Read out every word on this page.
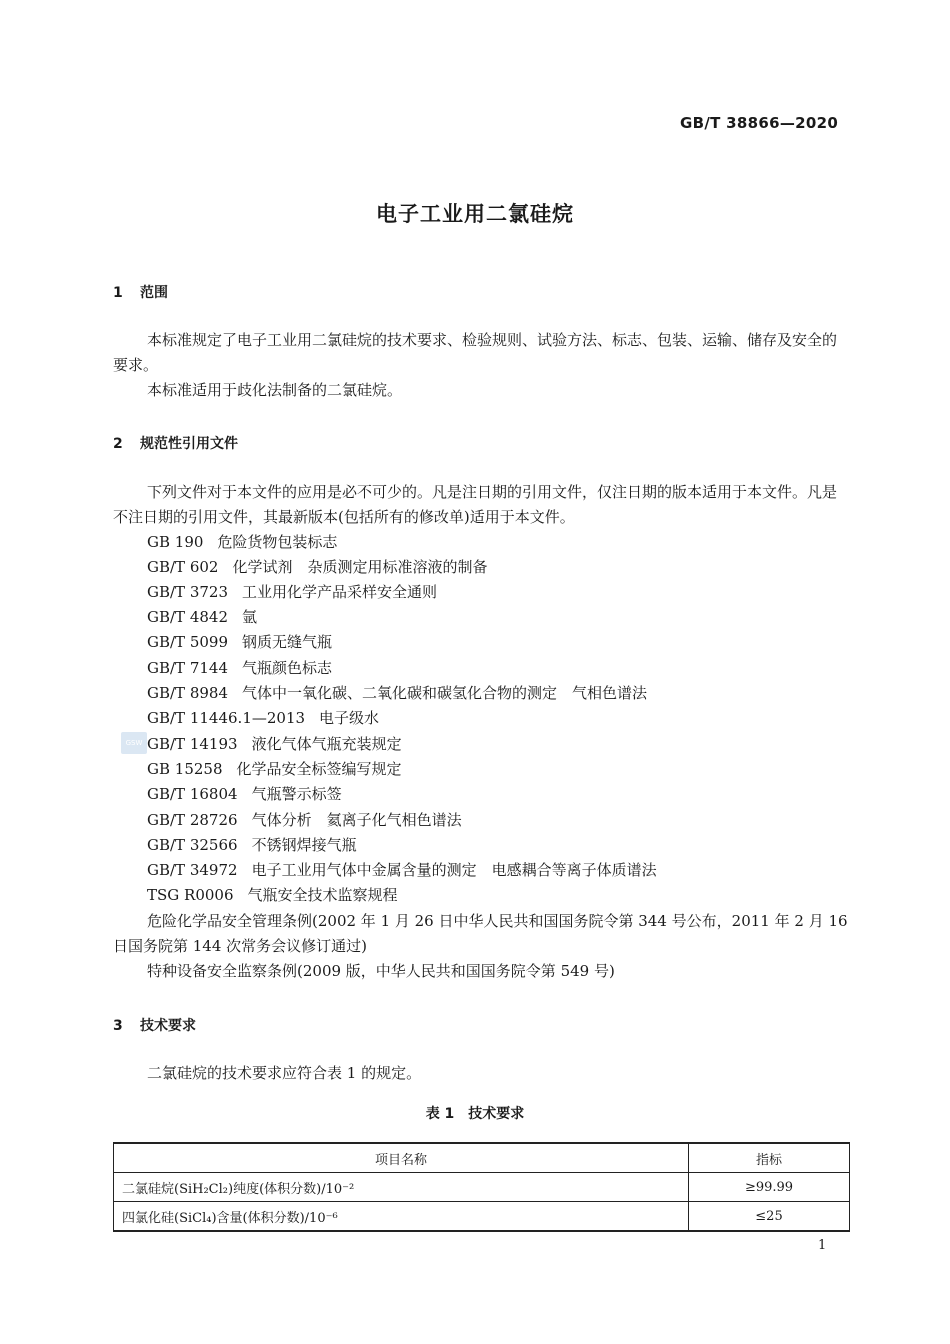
GB/T 38866—2020
电子工业用二氯硅烷
1 范围
本标准规定了电子工业用二氯硅烷的技术要求、检验规则、试验方法、标志、包装、运输、储存及安全的要求。
本标准适用于歧化法制备的二氯硅烷。
2 规范性引用文件
下列文件对于本文件的应用是必不可少的。凡是注日期的引用文件，仅注日期的版本适用于本文件。凡是不注日期的引用文件，其最新版本(包括所有的修改单)适用于本文件。
GB 190 危险货物包装标志
GB/T 602 化学试剂　杂质测定用标准溶液的制备
GB/T 3723 工业用化学产品采样安全通则
GB/T 4842 氩
GB/T 5099 钢质无缝气瓶
GB/T 7144 气瓶颜色标志
GB/T 8984 气体中一氧化碳、二氧化碳和碳氢化合物的测定　气相色谱法
GB/T 11446.1—2013 电子级水
GB/T 14193 液化气体气瓶充装规定
GB 15258 化学品安全标签编写规定
GB/T 16804 气瓶警示标签
GB/T 28726 气体分析　氦离子化气相色谱法
GB/T 32566 不锈钢焊接气瓶
GB/T 34972 电子工业用气体中金属含量的测定　电感耦合等离子体质谱法
TSG R0006 气瓶安全技术监察规程
GSW
危险化学品安全管理条例(2002 年 1 月 26 日中华人民共和国国务院令第 344 号公布，2011 年 2 月 16 日国务院第 144 次常务会议修订通过)
特种设备安全监察条例(2009 版，中华人民共和国国务院令第 549 号)
3 技术要求
二氯硅烷的技术要求应符合表 1 的规定。
表 1　技术要求
项目名称	指标
二氯硅烷(SiH₂Cl₂)纯度(体积分数)/10⁻²	≥99.99
四氯化硅(SiCl₄)含量(体积分数)/10⁻⁶	≤25
1
